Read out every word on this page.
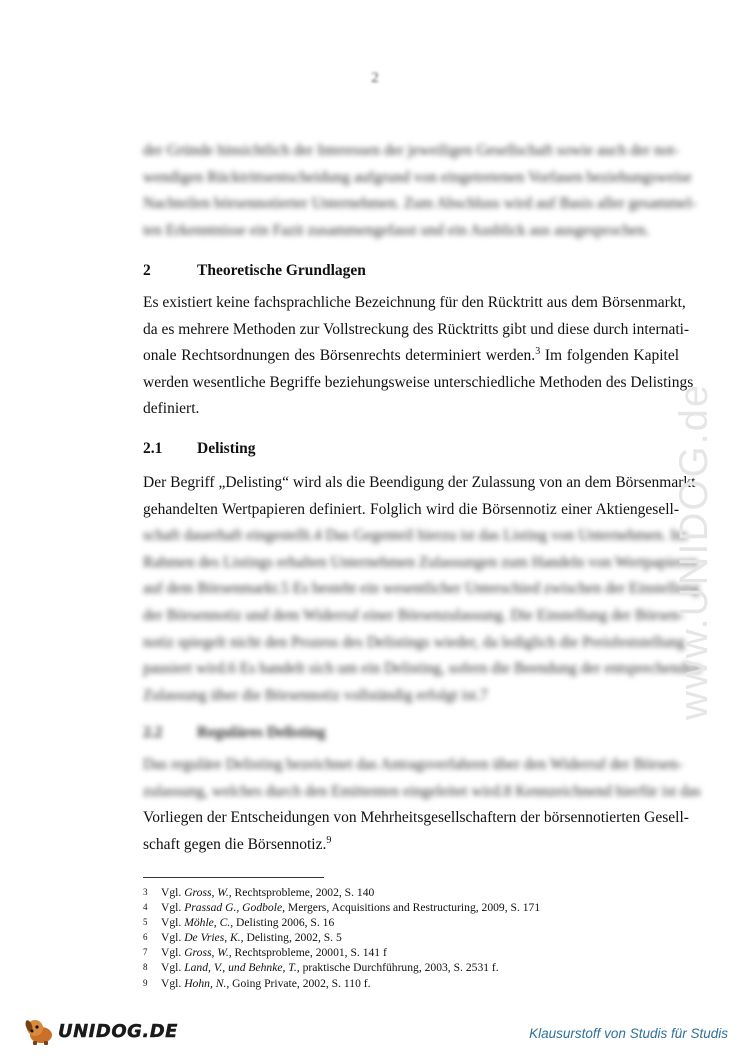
2
der Gründe hinsichtlich der Interessen der jeweiligen Gesellschaft sowie auch der not-
wendigen Rücktrittsentscheidung aufgrund von eingetretenen Vorfasen beziehungsweise
Nachteilen börsennotierter Unternehmen. Zum Abschluss wird auf Basis aller gesammel-
ten Erkenntnisse ein Fazit zusammengefasst und ein Ausblick aus ausgesprochen.
2	Theoretische Grundlagen
Es existiert keine fachsprachliche Bezeichnung für den Rücktritt aus dem Börsenmarkt,
da es mehrere Methoden zur Vollstreckung des Rücktritts gibt und diese durch internati-
onale Rechtsordnungen des Börsenrechts determiniert werden.$^3$ Im folgenden Kapitel
werden wesentliche Begriffe beziehungsweise unterschiedliche Methoden des Delistings
definiert.
2.1 Delisting
Der Begriff „Delisting“ wird als die Beendigung der Zulassung von an dem Börsenmarkt
gehandelten Wertpapieren definiert. Folglich wird die Börsennotiz einer Aktiengesell-
schaft dauerhaft eingestellt.4 Das Gegenteil hierzu ist das Listing von Unternehmen. Im
Rahmen des Listings erhalten Unternehmen Zulassungen zum Handeln von Wertpapieren
auf dem Börsenmarkt.5 Es besteht ein wesentlicher Unterschied zwischen der Einstellung
der Börsennotiz und dem Widerruf einer Börsenzulassung. Die Einstellung der Börsen-
notiz spiegelt nicht den Prozess des Delistings wieder, da lediglich die Preisfeststellung
pausiert wird.6 Es handelt sich um ein Delisting, sofern die Beendung der entsprechenden
Zulassung über die Börsennotiz vollständig erfolgt ist.7
2.2 Reguläres Delisting
Das reguläre Delisting bezeichnet das Antragsverfahren über den Widerruf der Börsen-
zulassung, welches durch den Emittenten eingeleitet wird.8 Kennzeichnend hierfür ist das
Vorliegen der Entscheidungen von Mehrheitsgesellschaftern der börsennotierten Gesell-
schaft gegen die Börsennotiz.$^9$
3	Vgl. Gross, W., Rechtsprobleme, 2002, S. 140
4	Vgl. Prassad G., Godbole, Mergers, Acquisitions and Restructuring, 2009, S. 171
5	Vgl. Möhle, C., Delisting 2006, S. 16
6	Vgl. De Vries, K., Delisting, 2002, S. 5
7	Vgl. Gross, W., Rechtsprobleme, 20001, S. 141 f
8	Vgl. Land, V., und Behnke, T., praktische Durchführung, 2003, S. 2531 f.
9	Vgl. Hohn, N., Going Private, 2002, S. 110 f.
www.UNIDOG.de
UNIDOG.DE	Klausurstoff von Studis für Studis
